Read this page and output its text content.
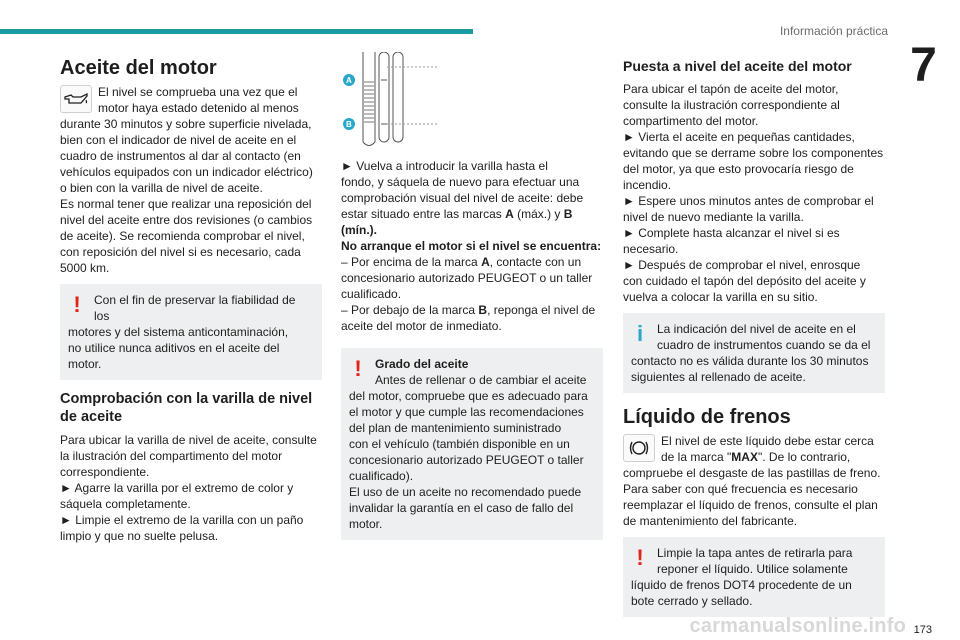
Información práctica
7
Aceite del motor
El nivel se comprueba una vez que el
motor haya estado detenido al menos
durante 30 minutos y sobre superficie nivelada,
bien con el indicador de nivel de aceite en el
cuadro de instrumentos al dar al contacto (en
vehículos equipados con un indicador eléctrico)
o bien con la varilla de nivel de aceite.
Es normal tener que realizar una reposición del
nivel del aceite entre dos revisiones (o cambios
de aceite). Se recomienda comprobar el nivel,
con reposición del nivel si es necesario, cada
5000 km.
!	Con el fin de preservar la fiabilidad de los
motores y del sistema anticontaminación,
no utilice nunca aditivos en el aceite del
motor.
Comprobación con la varilla de nivel
de aceite
Para ubicar la varilla de nivel de aceite, consulte
la ilustración del compartimento del motor
correspondiente.
► Agarre la varilla por el extremo de color y
sáquela completamente.
► Limpie el extremo de la varilla con un paño
limpio y que no suelte pelusa.
A
B
► Vuelva a introducir la varilla hasta el
fondo, y sáquela de nuevo para efectuar una
comprobación visual del nivel de aceite: debe
estar situado entre las marcas A (máx.) y B
(mín.).
No arranque el motor si el nivel se encuentra:
– Por encima de la marca A, contacte con un
concesionario autorizado PEUGEOT o un taller
cualificado.
– Por debajo de la marca B, reponga el nivel de
aceite del motor de inmediato.
!	Grado del aceite
Antes de rellenar o de cambiar el aceite
del motor, compruebe que es adecuado para
el motor y que cumple las recomendaciones
del plan de mantenimiento suministrado
con el vehículo (también disponible en un
concesionario autorizado PEUGEOT o taller
cualificado).
El uso de un aceite no recomendado puede
invalidar la garantía en el caso de fallo del
motor.
Puesta a nivel del aceite del motor
Para ubicar el tapón de aceite del motor,
consulte la ilustración correspondiente al
compartimento del motor.
► Vierta el aceite en pequeñas cantidades,
evitando que se derrame sobre los componentes
del motor, ya que esto provocaría riesgo de
incendio.
► Espere unos minutos antes de comprobar el
nivel de nuevo mediante la varilla.
► Complete hasta alcanzar el nivel si es
necesario.
► Después de comprobar el nivel, enrosque
con cuidado el tapón del depósito del aceite y
vuelva a colocar la varilla en su sitio.
i	La indicación del nivel de aceite en el
cuadro de instrumentos cuando se da el
contacto no es válida durante los 30 minutos
siguientes al rellenado de aceite.
Líquido de frenos
El nivel de este líquido debe estar cerca
de la marca "MAX". De lo contrario,
compruebe el desgaste de las pastillas de freno.
Para saber con qué frecuencia es necesario
reemplazar el líquido de frenos, consulte el plan
de mantenimiento del fabricante.
!	Limpie la tapa antes de retirarla para
reponer el líquido. Utilice solamente
líquido de frenos DOT4 procedente de un
bote cerrado y sellado.
carmanualsonline.info 173
